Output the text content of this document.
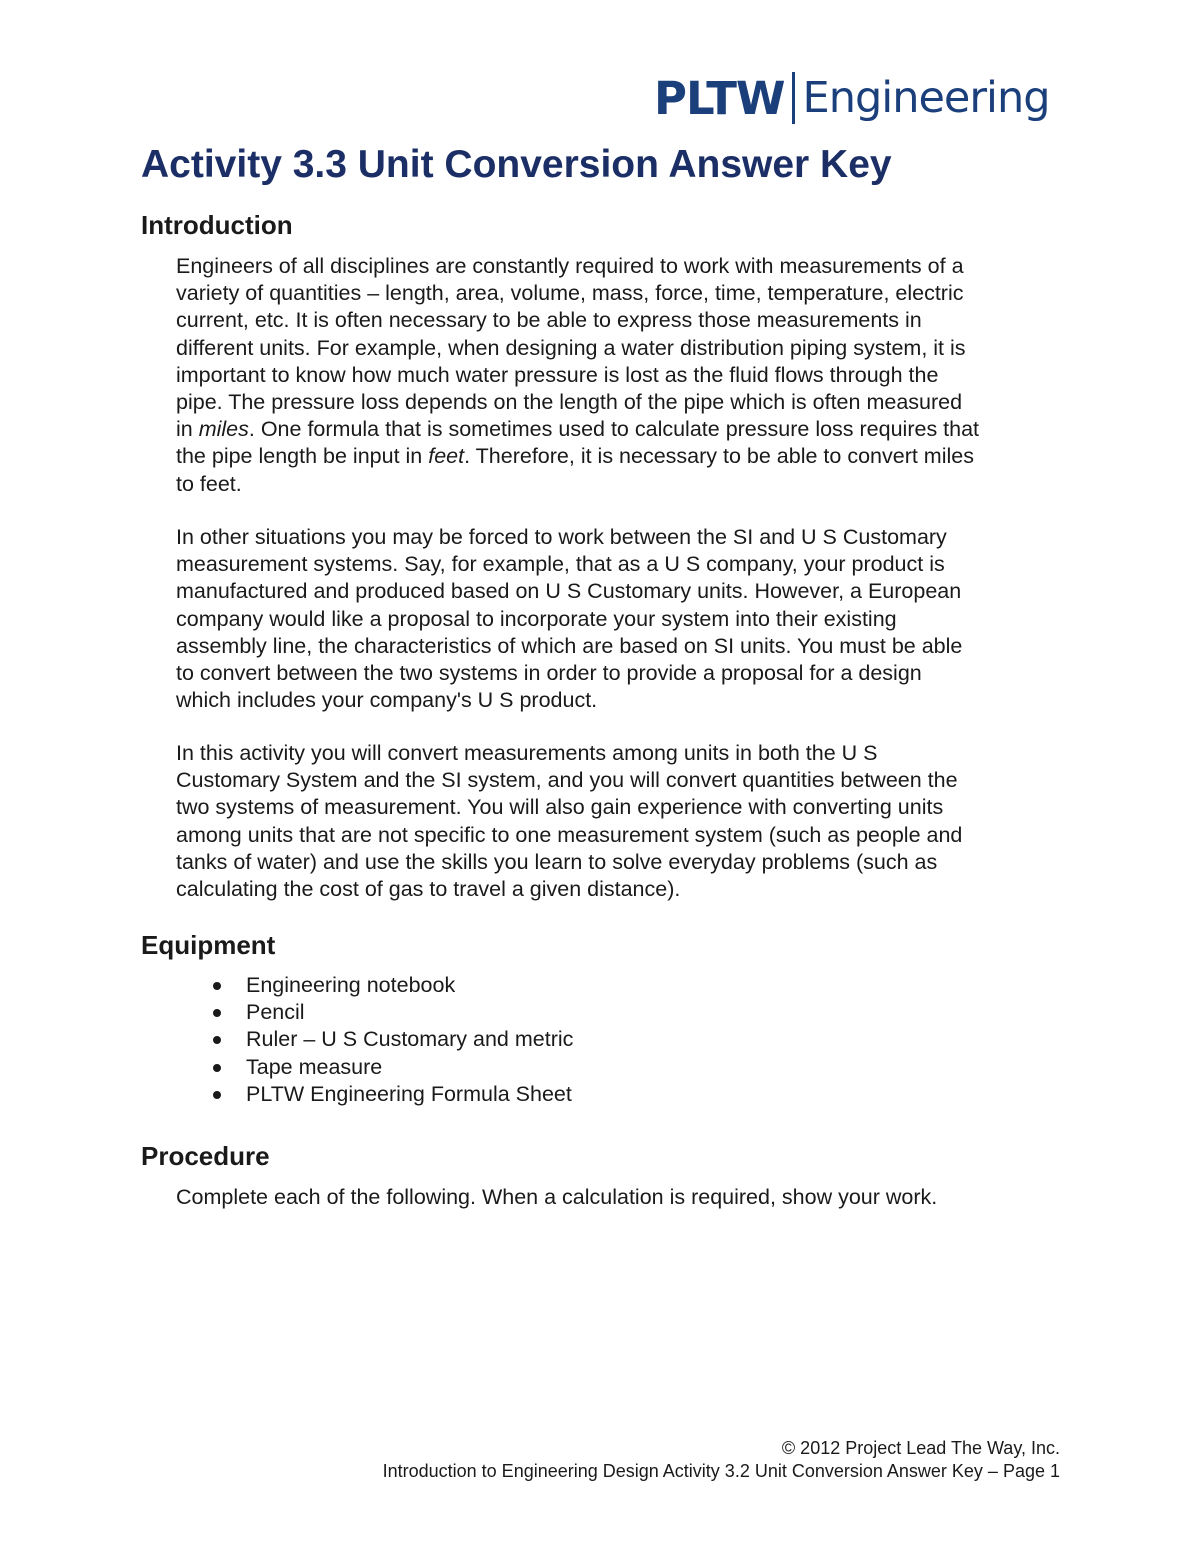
PLTW Engineering
Activity 3.3 Unit Conversion Answer Key
Introduction

Engineers of all disciplines are constantly required to work with measurements of a
variety of quantities – length, area, volume, mass, force, time, temperature, electric
current, etc. It is often necessary to be able to express those measurements in
different units. For example, when designing a water distribution piping system, it is
important to know how much water pressure is lost as the fluid flows through the
pipe. The pressure loss depends on the length of the pipe which is often measured
in miles. One formula that is sometimes used to calculate pressure loss requires that
the pipe length be input in feet. Therefore, it is necessary to be able to convert miles
to feet.

In other situations you may be forced to work between the SI and U S Customary
measurement systems. Say, for example, that as a U S company, your product is
manufactured and produced based on U S Customary units. However, a European
company would like a proposal to incorporate your system into their existing
assembly line, the characteristics of which are based on SI units. You must be able
to convert between the two systems in order to provide a proposal for a design
which includes your company's U S product.

In this activity you will convert measurements among units in both the U S
Customary System and the SI system, and you will convert quantities between the
two systems of measurement. You will also gain experience with converting units
among units that are not specific to one measurement system (such as people and
tanks of water) and use the skills you learn to solve everyday problems (such as
calculating the cost of gas to travel a given distance).

Equipment
Engineering notebook
Pencil
Ruler – U S Customary and metric
Tape measure
PLTW Engineering Formula Sheet
Procedure

Complete each of the following. When a calculation is required, show your work.

© 2012 Project Lead The Way, Inc.
Introduction to Engineering Design Activity 3.2 Unit Conversion Answer Key – Page 1
